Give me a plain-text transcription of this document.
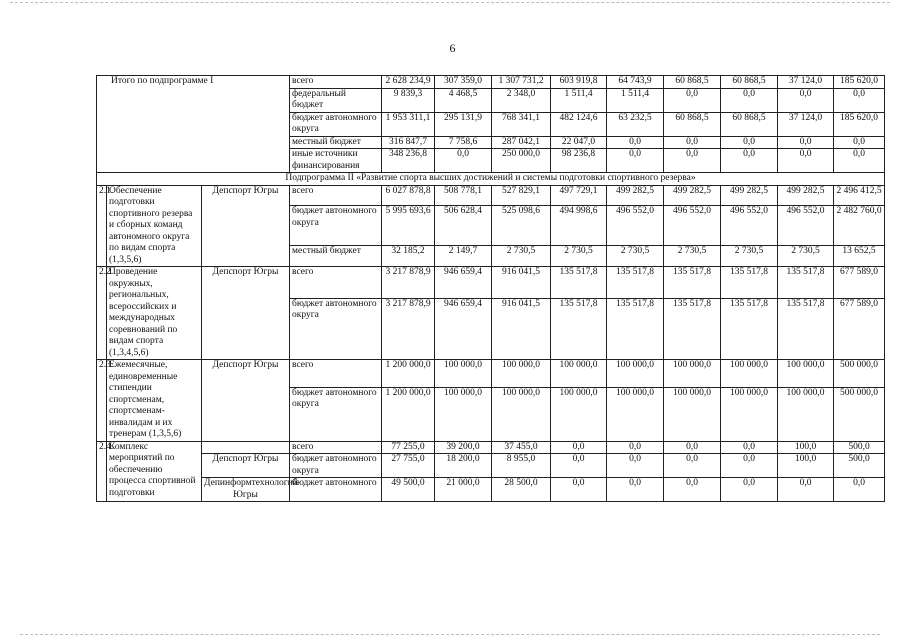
6
Итого по подпрограмме I			всего	2 628 234,9	307 359,0	1 307 731,2	603 919,8	64 743,9	60 868,5	60 868,5	37 124,0	185 620,0
			федеральный бюджет	9 839,3	4 468,5	2 348,0	1 511,4	1 511,4	0,0	0,0	0,0	0,0
			бюджет автономного округа	1 953 311,1	295 131,9	768 341,1	482 124,6	63 232,5	60 868,5	60 868,5	37 124,0	185 620,0
			местный бюджет	316 847,7	7 758,6	287 042,1	22 047,0	0,0	0,0	0,0	0,0	0,0
			иные источники финансирования	348 236,8	0,0	250 000,0	98 236,8	0,0	0,0	0,0	0,0	0,0
Подпрограмма II «Развитие спорта высших достижений и системы подготовки спортивного резерва»												
2.1.	Обеспечение подготовки спортивного резерва и сборных команд автономного округа по видам спорта (1,3,5,6)	Депспорт Югры	всего	6 027 878,8	508 778,1	527 829,1	497 729,1	499 282,5	499 282,5	499 282,5	499 282,5	2 496 412,5
			бюджет автономного округа	5 995 693,6	506 628,4	525 098,6	494 998,6	496 552,0	496 552,0	496 552,0	496 552,0	2 482 760,0
			местный бюджет	32 185,2	2 149,7	2 730,5	2 730,5	2 730,5	2 730,5	2 730,5	2 730,5	13 652,5
2.2.	Проведение окружных, региональных, всероссийских и международных соревнований по видам спорта (1,3,4,5,6)	Депспорт Югры	всего	3 217 878,9	946 659,4	916 041,5	135 517,8	135 517,8	135 517,8	135 517,8	135 517,8	677 589,0
			бюджет автономного округа	3 217 878,9	946 659,4	916 041,5	135 517,8	135 517,8	135 517,8	135 517,8	135 517,8	677 589,0
2.3.	Ежемесячные, единовременные стипендии спортсменам, спортсменам-инвалидам и их тренерам (1,3,5,6)	Депспорт Югры	всего	1 200 000,0	100 000,0	100 000,0	100 000,0	100 000,0	100 000,0	100 000,0	100 000,0	500 000,0
			бюджет автономного округа	1 200 000,0	100 000,0	100 000,0	100 000,0	100 000,0	100 000,0	100 000,0	100 000,0	500 000,0
2.4.	Комплекс мероприятий по обеспечению процесса спортивной подготовки		всего	77 255,0	39 200,0	37 455,0	0,0	0,0	0,0	0,0	100,0	500,0
		Депспорт Югры	бюджет автономного округа	27 755,0	18 200,0	8 955,0	0,0	0,0	0,0	0,0	100,0	500,0
		Депинформтехнологий Югры	бюджет автономного	49 500,0	21 000,0	28 500,0	0,0	0,0	0,0	0,0	0,0	0,0
